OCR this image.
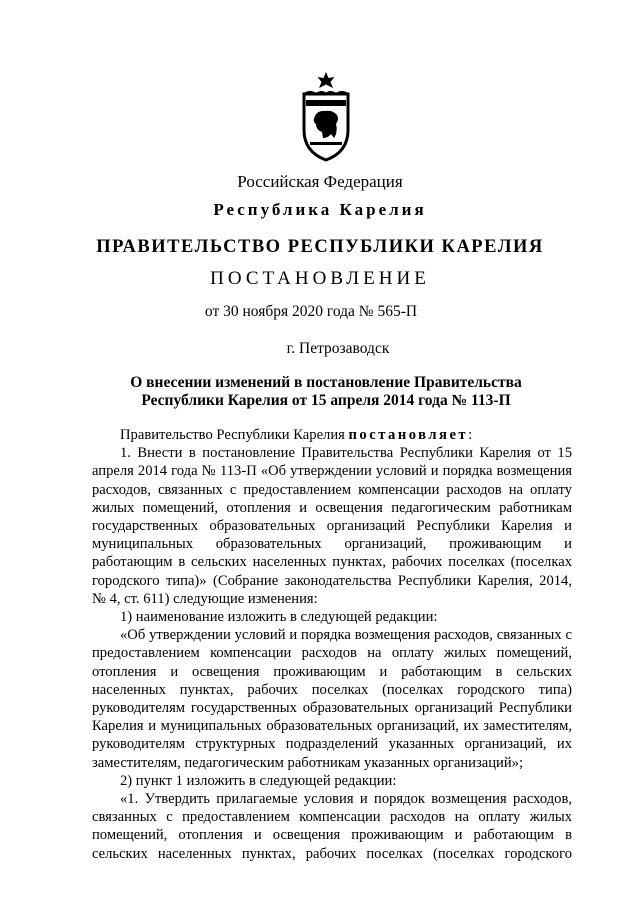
Российская Федерация
Республика Карелия
ПРАВИТЕЛЬСТВО РЕСПУБЛИКИ КАРЕЛИЯ
ПОСТАНОВЛЕНИЕ
от 30 ноября 2020 года № 565-П
г. Петрозаводск
О внесении изменений в постановление Правительства
Республики Карелия от 15 апреля 2014 года № 113-П

Правительство Республики Карелия постановляет:

1. Внести в постановление Правительства Республики Карелия от 15 апреля 2014 года № 113-П «Об утверждении условий и порядка возмещения расходов, связанных с предоставлением компенсации расходов на оплату жилых помещений, отопления и освещения педагогическим работникам государственных образовательных организаций Республики Карелия и муниципальных образовательных организаций, проживающим и работающим в сельских населенных пунктах, рабочих поселках (поселках городского типа)» (Собрание законодательства Республики Карелия, 2014, № 4, ст. 611) следующие изменения:

1) наименование изложить в следующей редакции:

«Об утверждении условий и порядка возмещения расходов, связанных с предоставлением компенсации расходов на оплату жилых помещений, отопления и освещения проживающим и работающим в сельских населенных пунктах, рабочих поселках (поселках городского типа) руководителям государственных образовательных организаций Республики Карелия и муниципальных образовательных организаций, их заместителям, руководителям структурных подразделений указанных организаций, их заместителям, педагогическим работникам указанных организаций»;

2) пункт 1 изложить в следующей редакции:

«1. Утвердить прилагаемые условия и порядок возмещения расходов, связанных с предоставлением компенсации расходов на оплату жилых помещений, отопления и освещения проживающим и работающим в сельских населенных пунктах, рабочих поселках (поселках городского
